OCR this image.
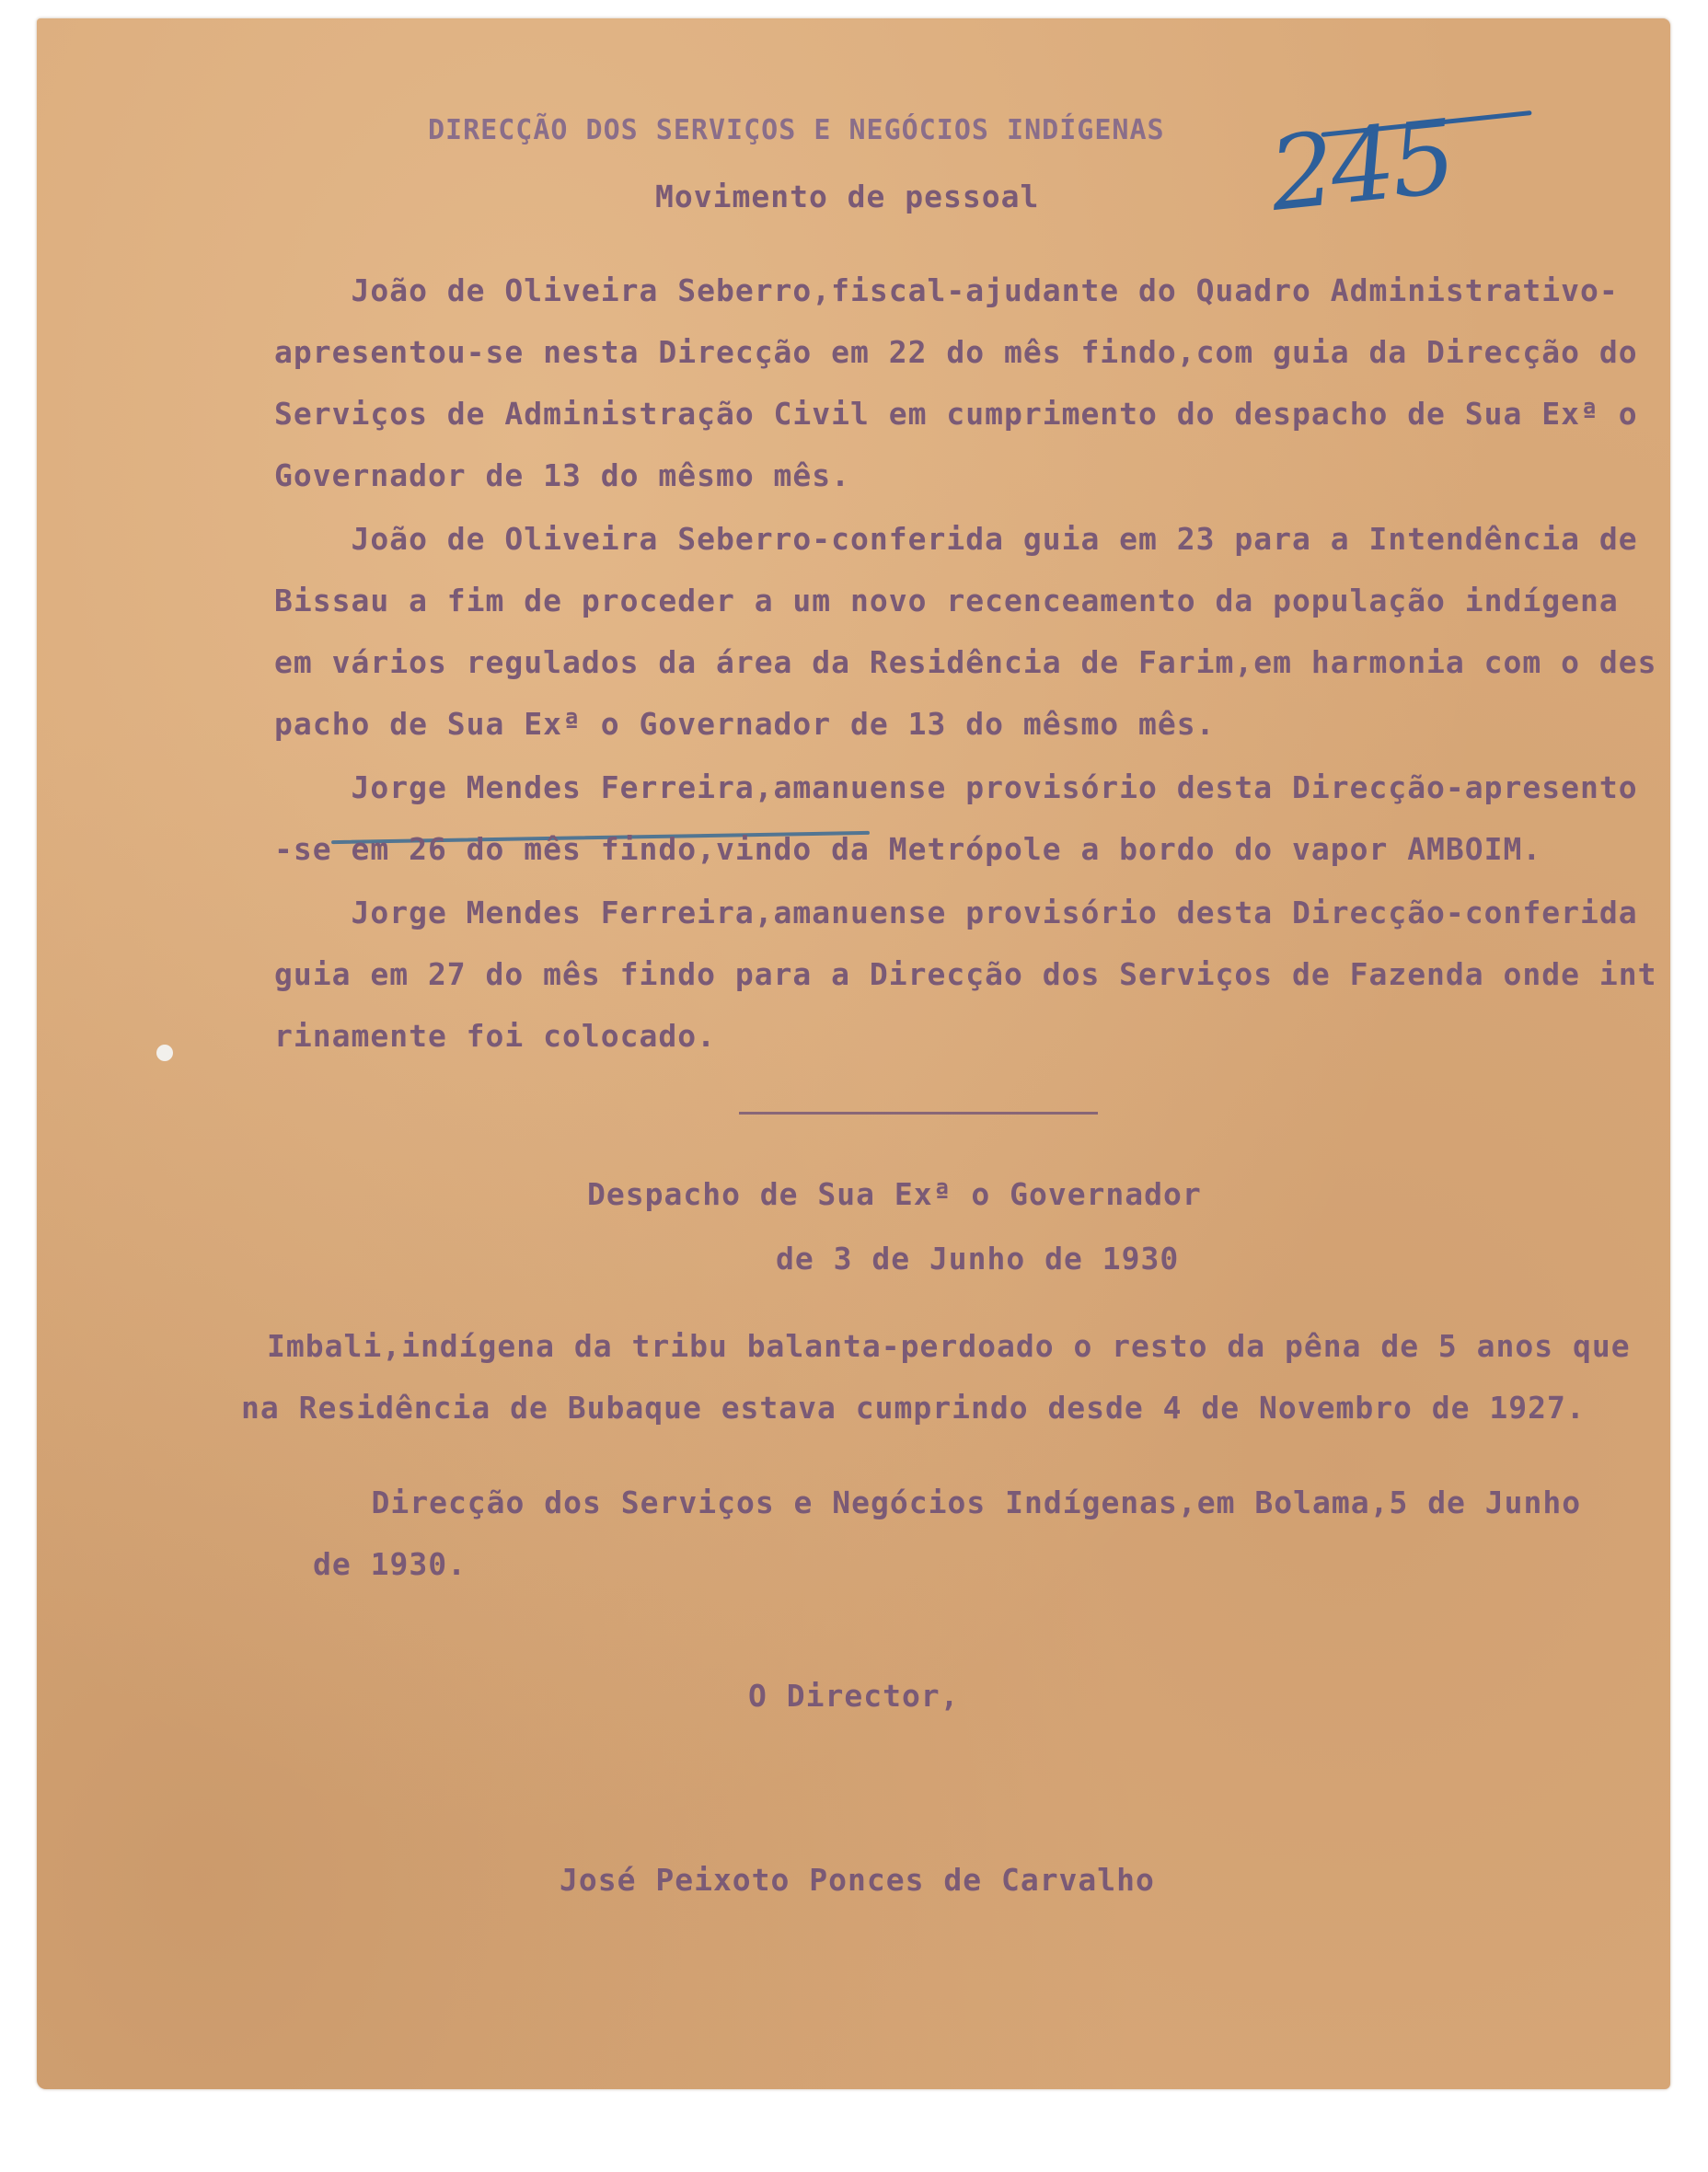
DIRECÇÃO DOS SERVIÇOS E NEGÓCIOS INDÍGENAS
Movimento de pessoal 245
João de Oliveira Seberro,fiscal-ajudante do Quadro Administrativo-
apresentou-se nesta Direcção em 22 do mês findo,com guia da Direcção do
Serviços de Administração Civil em cumprimento do despacho de Sua Exª o
Governador de 13 do mêsmo mês.
João de Oliveira Seberro-conferida guia em 23 para a Intendência de
Bissau a fim de proceder a um novo recenceamento da população indígena
em vários regulados da área da Residência de Farim,em harmonia com o des
pacho de Sua Exª o Governador de 13 do mêsmo mês.
Jorge Mendes Ferreira,amanuense provisório desta Direcção-apresento
-se em 26 do mês findo,vindo da Metrópole a bordo do vapor AMBOIM.
Jorge Mendes Ferreira,amanuense provisório desta Direcção-conferida
guia em 27 do mês findo para a Direcção dos Serviços de Fazenda onde int
rinamente foi colocado.
Despacho de Sua Exª o Governador
de 3 de Junho de 1930
Imbali,indígena da tribu balanta-perdoado o resto da pêna de 5 anos que
na Residência de Bubaque estava cumprindo desde 4 de Novembro de 1927.
Direcção dos Serviços e Negócios Indígenas,em Bolama,5 de Junho
de 1930.
O Director,
José Peixoto Ponces de Carvalho
